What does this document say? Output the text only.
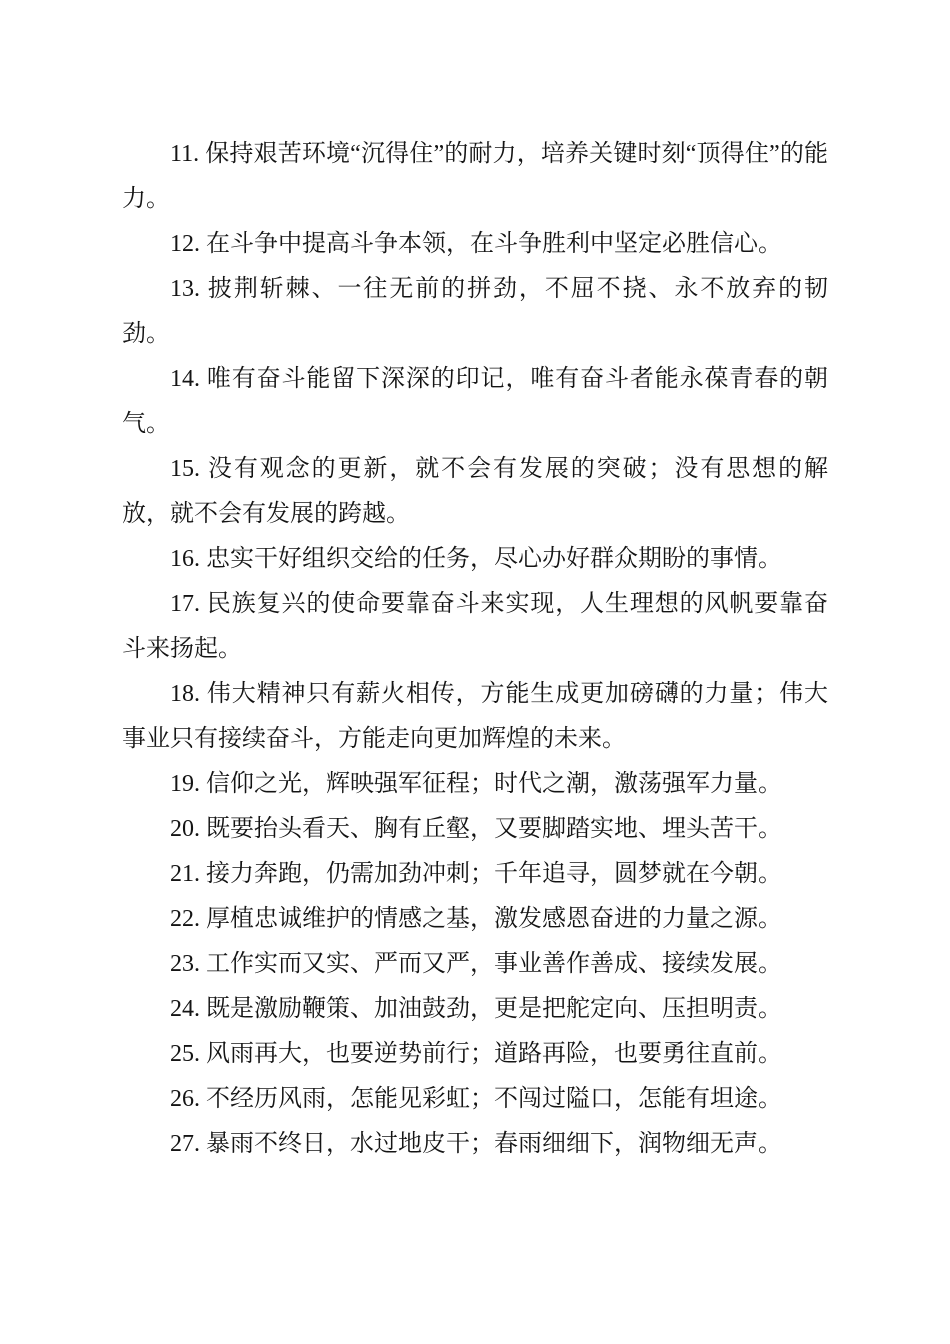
11. 保持艰苦环境“沉得住”的耐力，培养关键时刻“顶得住”的能力。

12. 在斗争中提高斗争本领，在斗争胜利中坚定必胜信心。

13. 披荆斩棘、一往无前的拼劲，不屈不挠、永不放弃的韧劲。

14. 唯有奋斗能留下深深的印记，唯有奋斗者能永葆青春的朝气。

15. 没有观念的更新，就不会有发展的突破；没有思想的解放，就不会有发展的跨越。

16. 忠实干好组织交给的任务，尽心办好群众期盼的事情。

17. 民族复兴的使命要靠奋斗来实现，人生理想的风帆要靠奋斗来扬起。

18. 伟大精神只有薪火相传，方能生成更加磅礴的力量；伟大事业只有接续奋斗，方能走向更加辉煌的未来。

19. 信仰之光，辉映强军征程；时代之潮，激荡强军力量。

20. 既要抬头看天、胸有丘壑，又要脚踏实地、埋头苦干。

21. 接力奔跑，仍需加劲冲刺；千年追寻，圆梦就在今朝。

22. 厚植忠诚维护的情感之基，激发感恩奋进的力量之源。

23. 工作实而又实、严而又严，事业善作善成、接续发展。

24. 既是激励鞭策、加油鼓劲，更是把舵定向、压担明责。

25. 风雨再大，也要逆势前行；道路再险，也要勇往直前。

26. 不经历风雨，怎能见彩虹；不闯过隘口，怎能有坦途。

27. 暴雨不终日，水过地皮干；春雨细细下，润物细无声。
